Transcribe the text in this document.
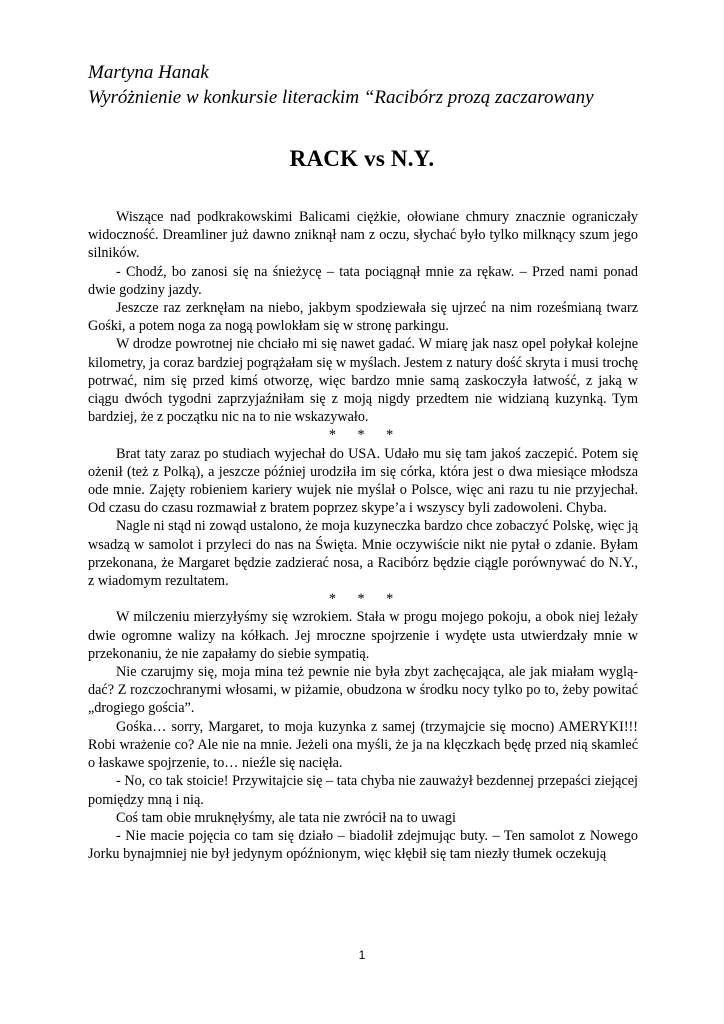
Martyna Hanak
Wyróżnienie w konkursie literackim “Racibórz prozą zaczarowany
RACK vs N.Y.

Wiszące nad podkrakowskimi Balicami ciężkie, ołowiane chmury znacznie ograniczały widoczność. Dreamliner już dawno zniknął nam z oczu, słychać było tylko milknący szum jego silników.

- Chodź, bo zanosi się na śnieżycę – tata pociągnął mnie za rękaw. – Przed nami ponad dwie godziny jazdy.

Jeszcze raz zerknęłam na niebo, jakbym spodziewała się ujrzeć na nim roześmianą twarz Gośki, a potem noga za nogą powlokłam się w stronę parkingu.

W drodze powrotnej nie chciało mi się nawet gadać. W miarę jak nasz opel połykał kolejne kilometry, ja coraz bardziej pogrążałam się w myślach. Jestem z natury dość skryta i musi trochę potrwać, nim się przed kimś otworzę, więc bardzo mnie samą zaskoczyła łatwość, z jaką w ciągu dwóch tygodni zaprzyjaźniłam się z moją nigdy przedtem nie widzianą kuzynką. Tym bardziej, że z początku nic na to nie wskazywało.

* * *

Brat taty zaraz po studiach wyjechał do USA. Udało mu się tam jakoś zaczepić. Potem się ożenił (też z Polką), a jeszcze później urodziła im się córka, która jest o dwa miesiące młodsza ode mnie. Zajęty robieniem kariery wujek nie myślał o Polsce, więc ani razu tu nie przyjechał. Od czasu do czasu rozmawiał z bratem poprzez skype’a i wszyscy byli zadowoleni. Chyba.

Nagle ni stąd ni zowąd ustalono, że moja kuzyneczka bardzo chce zobaczyć Polskę, więc ją wsadzą w samolot i przyleci do nas na Święta. Mnie oczywiście nikt nie pytał o zdanie. Byłam przekonana, że Margaret będzie zadzierać nosa, a Racibórz będzie ciągle porównywać do N.Y., z wiadomym rezultatem.

* * *

W milczeniu mierzyłyśmy się wzrokiem. Stała w progu mojego pokoju, a obok niej leżały dwie ogromne walizy na kółkach. Jej mroczne spojrzenie i wydęte usta utwierdzały mnie w przekonaniu, że nie zapałamy do siebie sympatią.

Nie czarujmy się, moja mina też pewnie nie była zbyt zachęcająca, ale jak miałam wyglądać? Z rozczochranymi włosami, w piżamie, obudzona w środku nocy tylko po to, żeby powitać „drogiego gościa”.

Gośka… sorry, Margaret, to moja kuzynka z samej (trzymajcie się mocno) AMERYKI!!! Robi wrażenie co? Ale nie na mnie. Jeżeli ona myśli, że ja na klęczkach będę przed nią skamleć o łaskawe spojrzenie, to… nieźle się nacięła.

- No, co tak stoicie! Przywitajcie się – tata chyba nie zauważył bezdennej przepaści ziejącej pomiędzy mną i nią.

Coś tam obie mruknęłyśmy, ale tata nie zwrócił na to uwagi

- Nie macie pojęcia co tam się działo – biadolił zdejmując buty. – Ten samolot z Nowego Jorku bynajmniej nie był jedynym opóźnionym, więc kłębił się tam niezły tłumek oczekują

1
